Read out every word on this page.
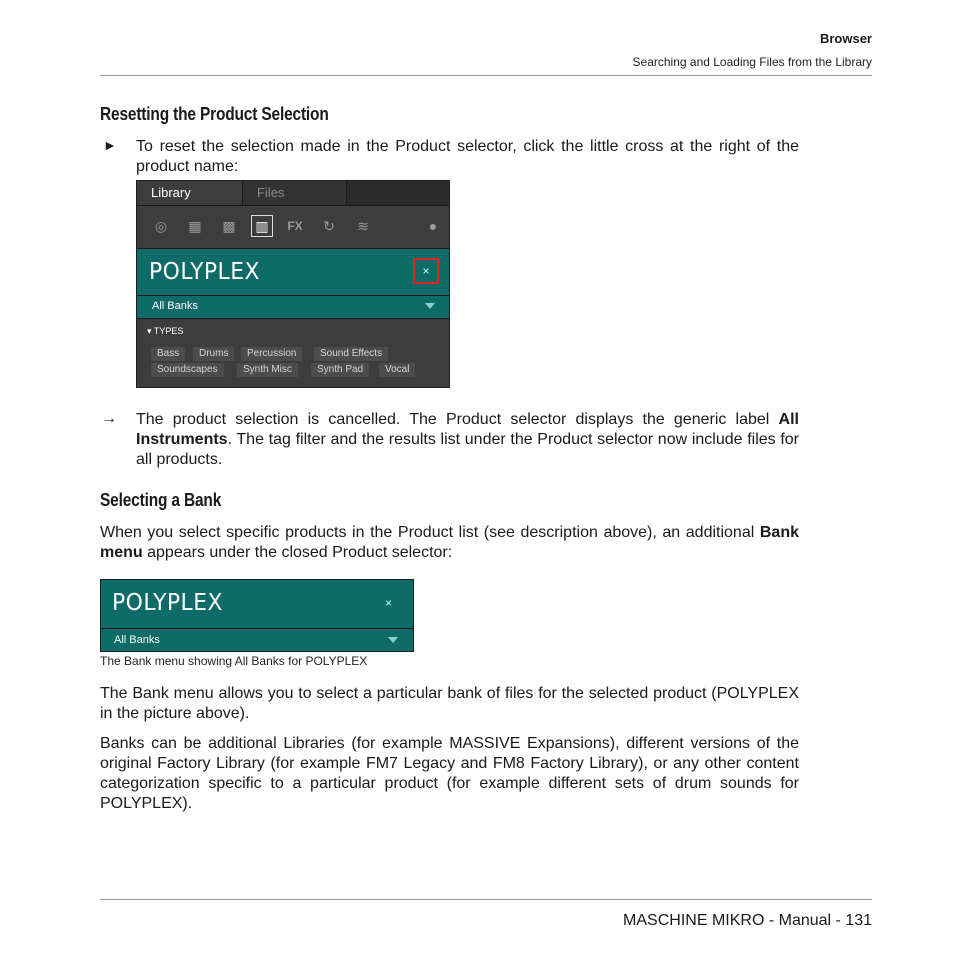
Browser
Searching and Loading Files from the Library
Resetting the Product Selection
► To reset the selection made in the Product selector, click the little cross at the right of the product name:
Library	Files
◎ ▦ ▩	▥	FX ↻ ≋	●
POLYPLEX	×
All Banks
▾ TYPES
Bass	Drums	Percussion	Sound Effects
Soundscapes	Synth Misc	Synth Pad	Vocal
→ The product selection is cancelled. The Product selector displays the generic label All Instruments. The tag filter and the results list under the Product selector now include files for all products.
Selecting a Bank
When you select specific products in the Product list (see description above), an additional Bank menu appears under the closed Product selector:
POLYPLEX	×
All Banks
The Bank menu showing All Banks for POLYPLEX
The Bank menu allows you to select a particular bank of files for the selected product (POLYPLEX in the picture above).
Banks can be additional Libraries (for example MASSIVE Expansions), different versions of the original Factory Library (for example FM7 Legacy and FM8 Factory Library), or any other content categorization specific to a particular product (for example different sets of drum sounds for POLYPLEX).
MASCHINE MIKRO - Manual - 131
